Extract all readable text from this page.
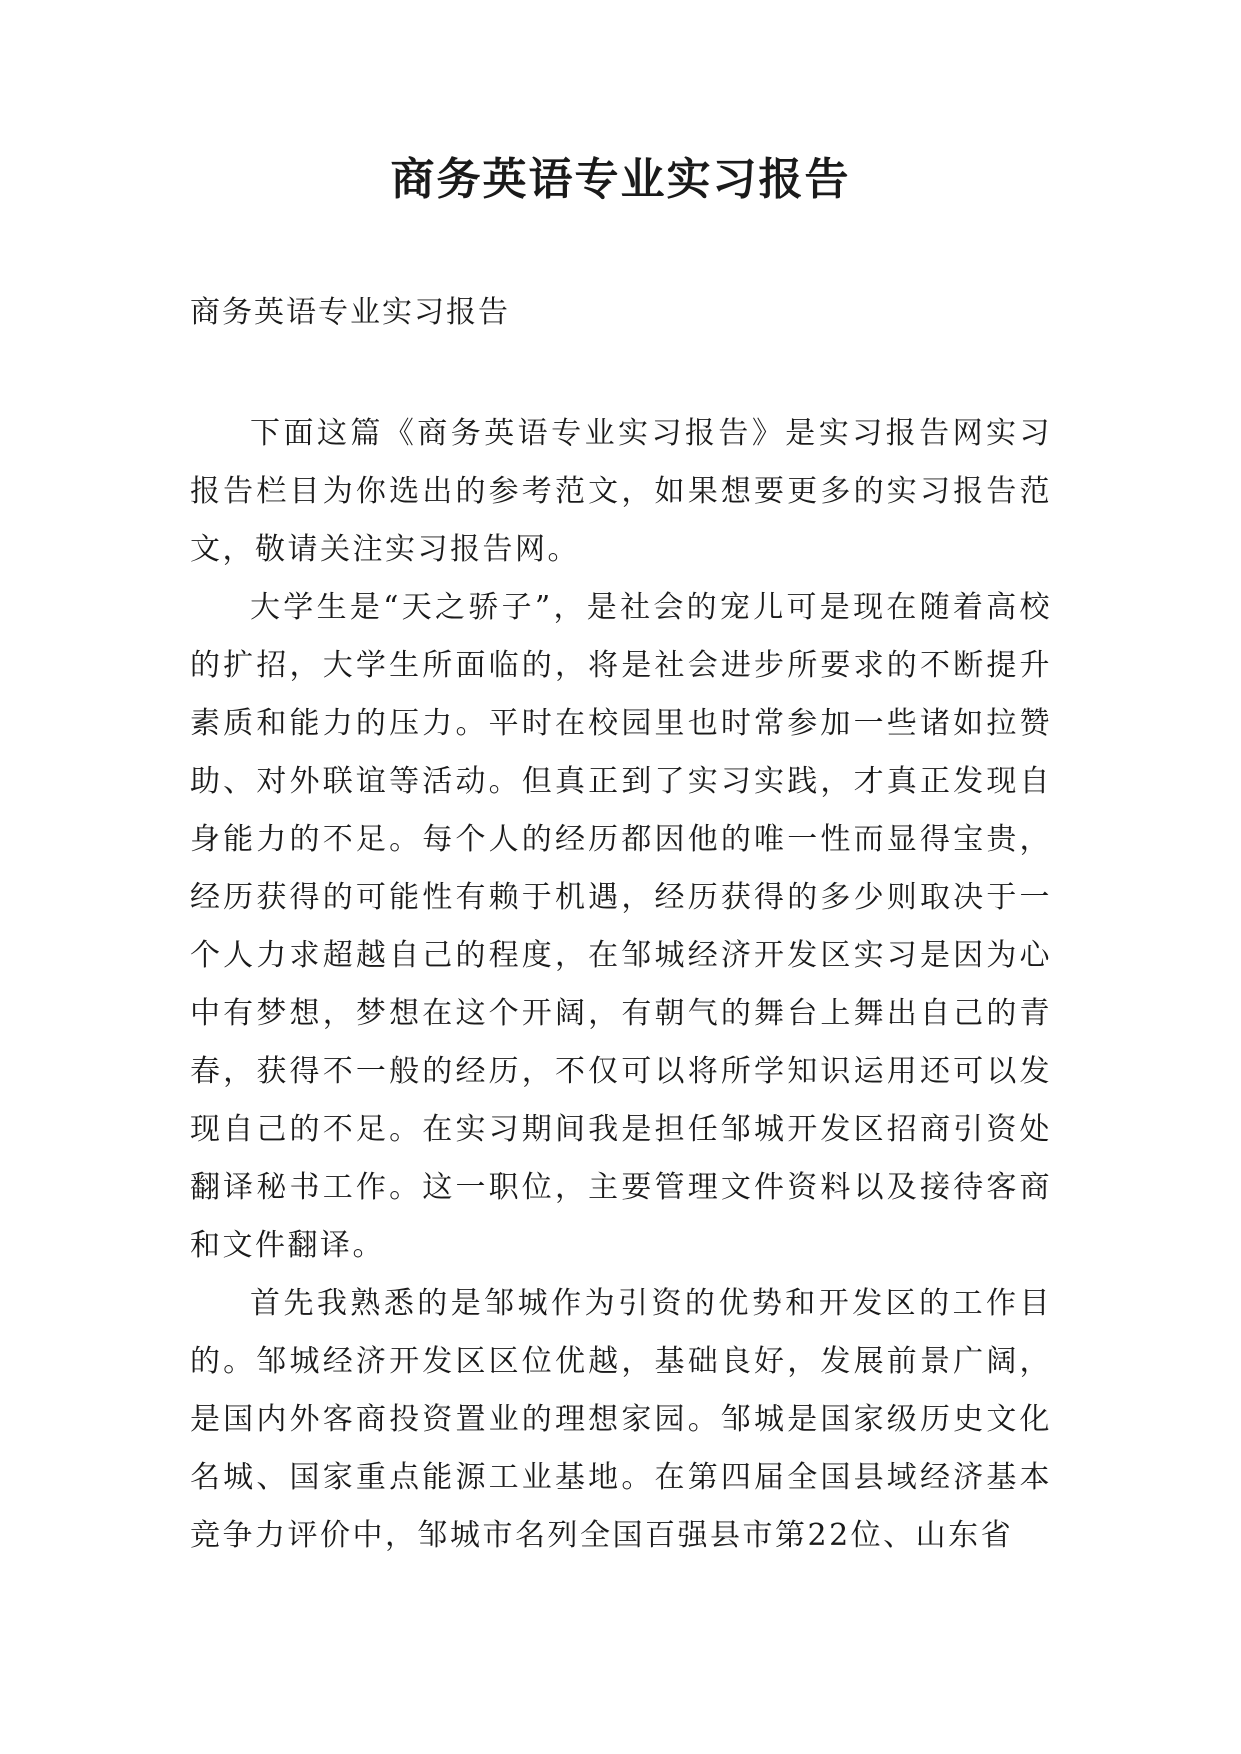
商务英语专业实习报告

商务英语专业实习报告

下面这篇《商务英语专业实习报告》是实习报告网实习报告栏目为你选出的参考范文，如果想要更多的实习报告范文，敬请关注实习报告网。

大学生是“天之骄子”，是社会的宠儿可是现在随着高校的扩招，大学生所面临的，将是社会进步所要求的不断提升素质和能力的压力。平时在校园里也时常参加一些诸如拉赞助、对外联谊等活动。但真正到了实习实践，才真正发现自身能力的不足。每个人的经历都因他的唯一性而显得宝贵，经历获得的可能性有赖于机遇，经历获得的多少则取决于一个人力求超越自己的程度，在邹城经济开发区实习是因为心中有梦想，梦想在这个开阔，有朝气的舞台上舞出自己的青春，获得不一般的经历，不仅可以将所学知识运用还可以发现自己的不足。在实习期间我是担任邹城开发区招商引资处翻译秘书工作。这一职位，主要管理文件资料以及接待客商和文件翻译。

首先我熟悉的是邹城作为引资的优势和开发区的工作目的。邹城经济开发区区位优越，基础良好，发展前景广阔，是国内外客商投资置业的理想家园。邹城是国家级历史文化名城、国家重点能源工业基地。在第四届全国县域经济基本竞争力评价中，邹城市名列全国百强县市第22位、山东省
